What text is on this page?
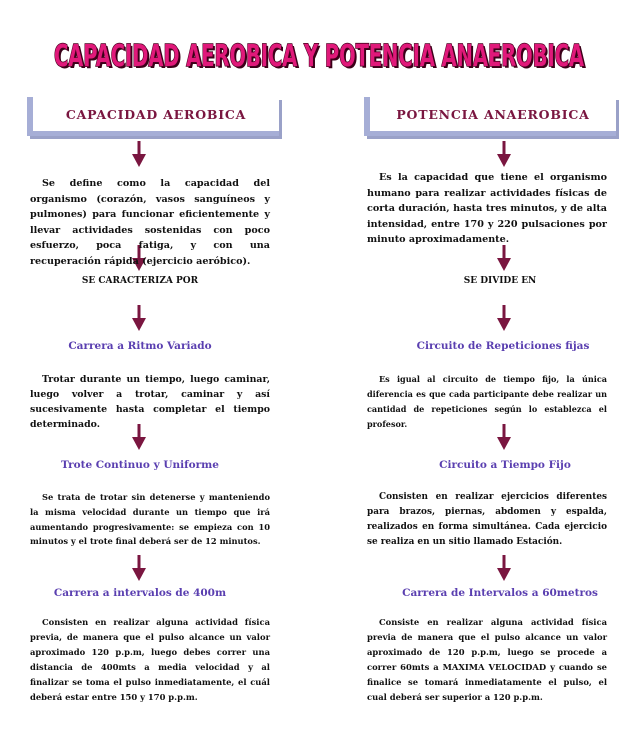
CAPACIDAD AEROBICA Y POTENCIA ANAEROBICA
CAPACIDAD AEROBICA Y POTENCIA ANAEROBICA
CAPACIDAD AEROBICA	POTENCIA ANAEROBICA

Se define como la capacidad del organismo (corazón, vasos sanguíneos y pulmones) para funcionar eficientemente y llevar actividades sostenidas con poco esfuerzo, poca fatiga, y con una recuperación rápida (ejercicio aeróbico).

SE CARACTERIZA POR

Carrera a Ritmo Variado

Trotar durante un tiempo, luego caminar, luego volver a trotar, caminar y así sucesivamente hasta completar el tiempo determinado.

Trote Continuo y Uniforme

Se trata de trotar sin detenerse y manteniendo la misma velocidad durante un tiempo que irá aumentando progresivamente: se empieza con 10 minutos y el trote final deberá ser de 12 minutos.

Carrera a intervalos de 400m

Consisten en realizar alguna actividad física previa, de manera que el pulso alcance un valor aproximado 120 p.p.m, luego debes correr una distancia de 400mts a media velocidad y al finalizar se toma el pulso inmediatamente, el cuál deberá estar entre 150 y 170 p.p.m.

Es la capacidad que tiene el organismo humano para realizar actividades físicas de corta duración, hasta tres minutos, y de alta intensidad, entre 170 y 220 pulsaciones por minuto aproximadamente.

SE DIVIDE EN

Circuito de Repeticiones fijas

Es igual al circuito de tiempo fijo, la única diferencia es que cada participante debe realizar un cantidad de repeticiones según lo establezca el profesor.

Circuito a Tiempo Fijo

Consisten en realizar ejercicios diferentes para brazos, piernas, abdomen y espalda, realizados en forma simultánea. Cada ejercicio se realiza en un sitio llamado Estación.

Carrera de Intervalos a 60metros

Consiste en realizar alguna actividad física previa de manera que el pulso alcance un valor aproximado de 120 p.p.m, luego se procede a correr 60mts a MAXIMA VELOCIDAD y cuando se finalice se tomará inmediatamente el pulso, el cual deberá ser superior a 120 p.p.m.
